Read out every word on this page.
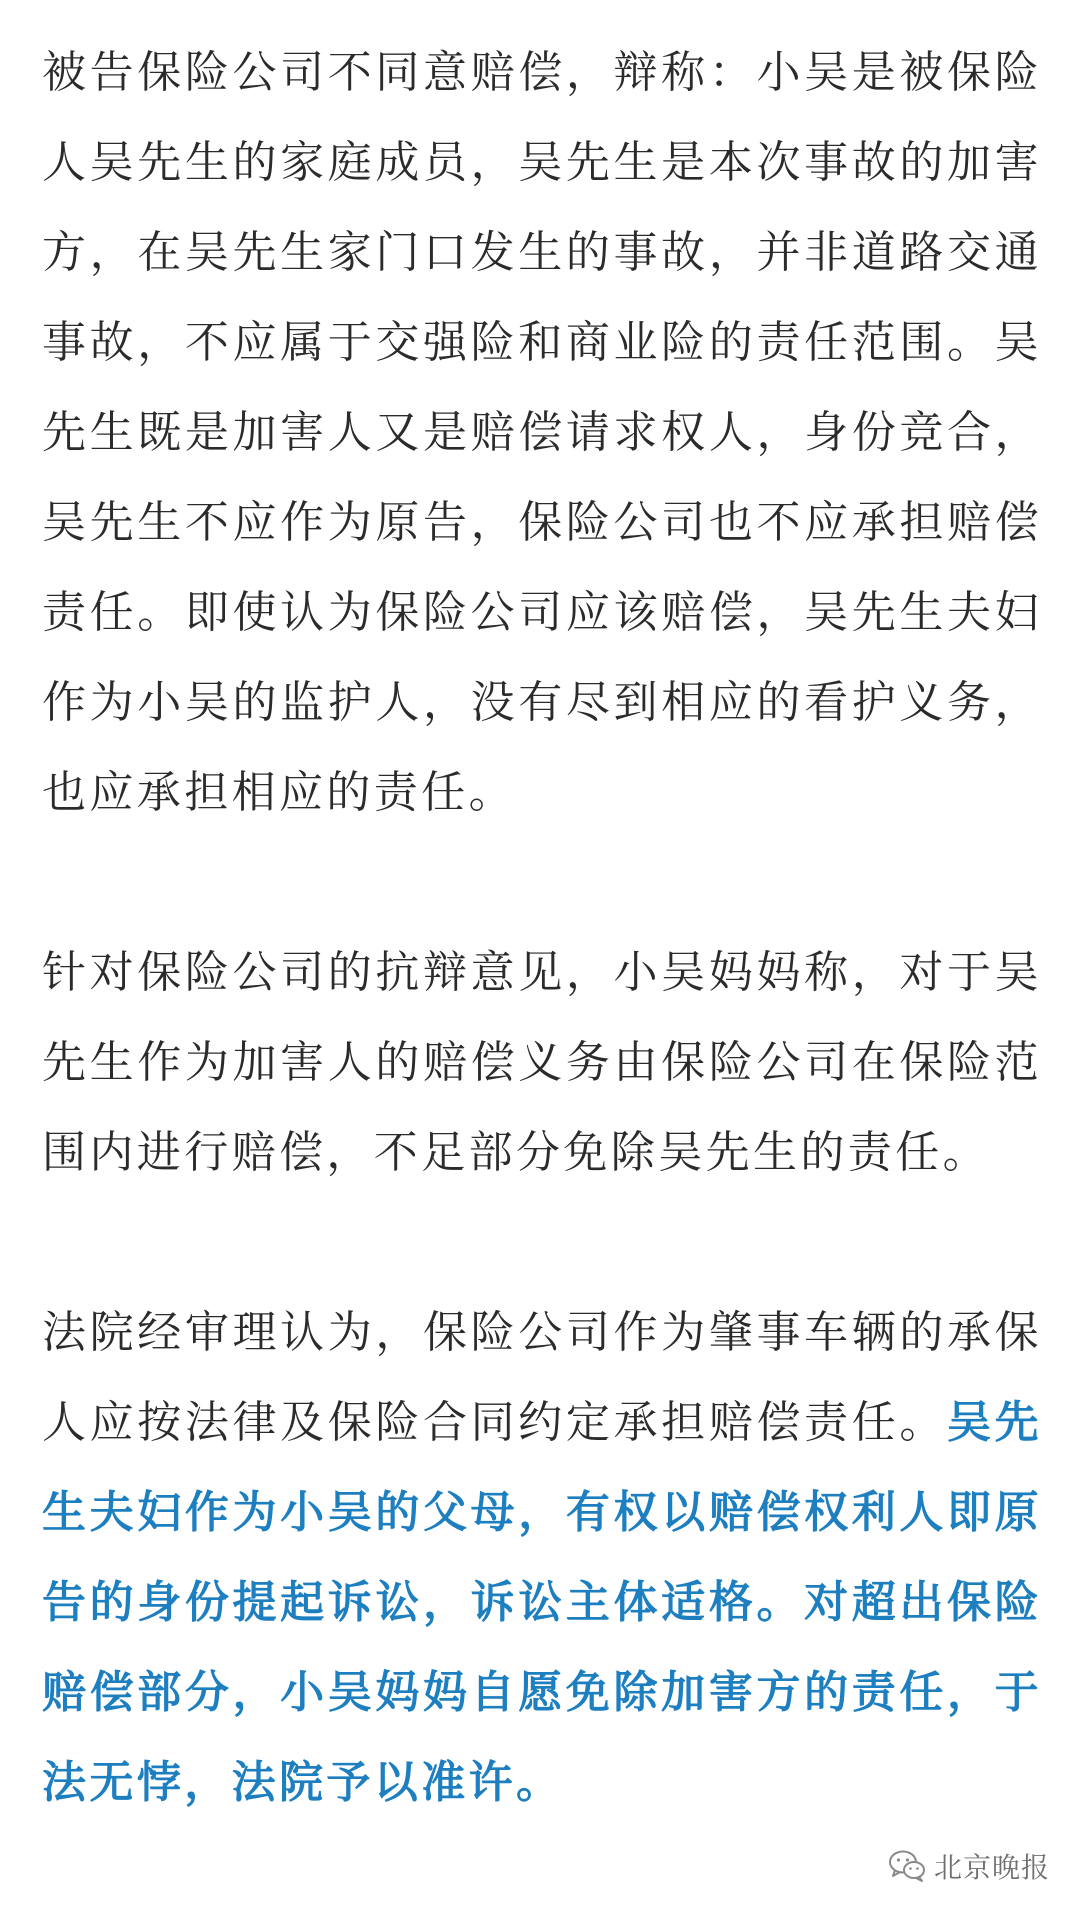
被告保险公司不同意赔偿，辩称：小吴是被保险人吴先生的家庭成员，吴先生是本次事故的加害方，在吴先生家门口发生的事故，并非道路交通事故，不应属于交强险和商业险的责任范围。吴先生既是加害人又是赔偿请求权人，身份竞合，吴先生不应作为原告，保险公司也不应承担赔偿责任。即使认为保险公司应该赔偿，吴先生夫妇作为小吴的监护人，没有尽到相应的看护义务，也应承担相应的责任。

针对保险公司的抗辩意见，小吴妈妈称，对于吴先生作为加害人的赔偿义务由保险公司在保险范围内进行赔偿，不足部分免除吴先生的责任。

法院经审理认为，保险公司作为肇事车辆的承保人应按法律及保险合同约定承担赔偿责任。吴先生夫妇作为小吴的父母，有权以赔偿权利人即原告的身份提起诉讼，诉讼主体适格。对超出保险赔偿部分，小吴妈妈自愿免除加害方的责任，于法无悖，法院予以准许。

北京晚报
